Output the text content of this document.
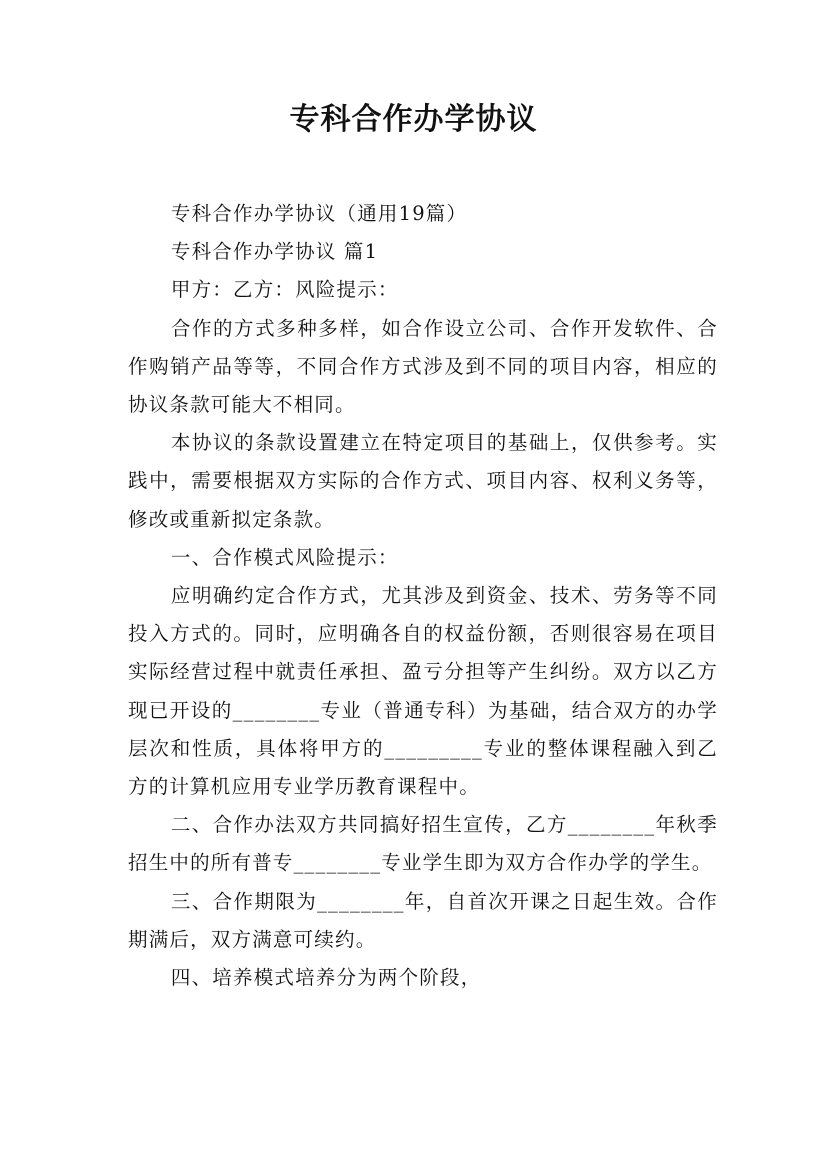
专科合作办学协议

专科合作办学协议（通用19篇）

专科合作办学协议 篇1

甲方：乙方：风险提示：

合作的方式多种多样，如合作设立公司、合作开发软件、合作购销产品等等，不同合作方式涉及到不同的项目内容，相应的协议条款可能大不相同。

本协议的条款设置建立在特定项目的基础上，仅供参考。实践中，需要根据双方实际的合作方式、项目内容、权利义务等，修改或重新拟定条款。

一、合作模式风险提示：

应明确约定合作方式，尤其涉及到资金、技术、劳务等不同投入方式的。同时，应明确各自的权益份额，否则很容易在项目实际经营过程中就责任承担、盈亏分担等产生纠纷。双方以乙方现已开设的________专业（普通专科）为基础，结合双方的办学层次和性质，具体将甲方的_________专业的整体课程融入到乙方的计算机应用专业学历教育课程中。

二、合作办法双方共同搞好招生宣传，乙方________年秋季招生中的所有普专________专业学生即为双方合作办学的学生。

三、合作期限为________年，自首次开课之日起生效。合作期满后，双方满意可续约。

四、培养模式培养分为两个阶段，
